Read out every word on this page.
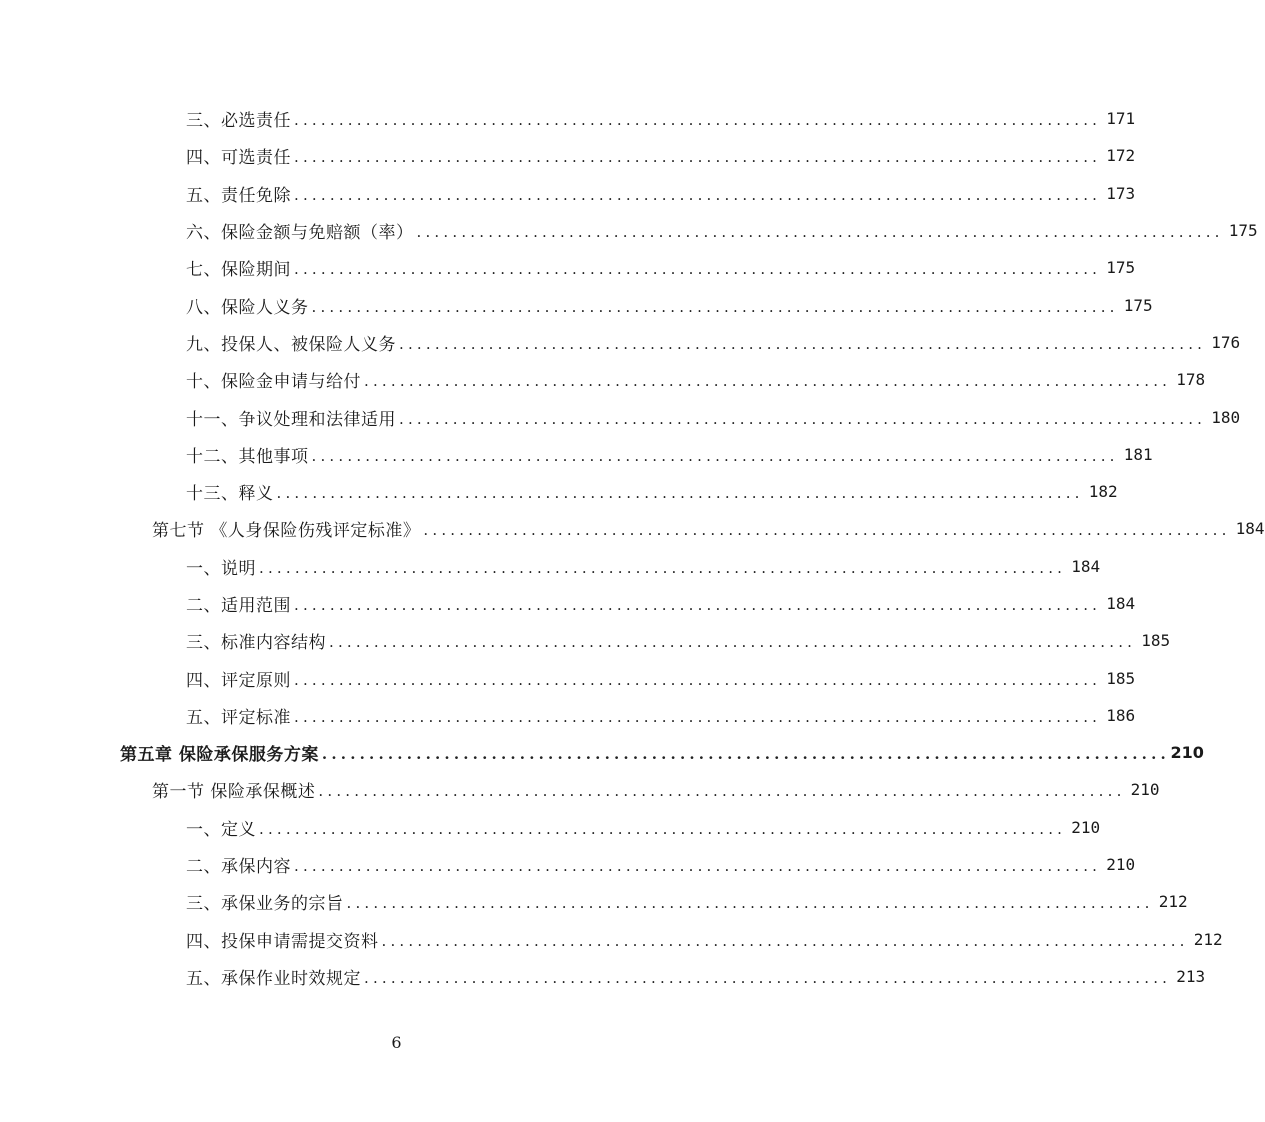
三、必选责任 .......................................................................................... 171
四、可选责任 .......................................................................................... 172
五、责任免除 .......................................................................................... 173
六、保险金额与免赔额（率） .......................................................................................... 175
七、保险期间 .......................................................................................... 175
八、保险人义务 .......................................................................................... 175
九、投保人、被保险人义务 .......................................................................................... 176
十、保险金申请与给付 .......................................................................................... 178
十一、争议处理和法律适用 .......................................................................................... 180
十二、其他事项 .......................................................................................... 181
十三、释义 .......................................................................................... 182
第七节 《人身保险伤残评定标准》 .......................................................................................... 184
一、说明 .......................................................................................... 184
二、适用范围 .......................................................................................... 184
三、标准内容结构 .......................................................................................... 185
四、评定原则 .......................................................................................... 185
五、评定标准 .......................................................................................... 186
第五章 保险承保服务方案 .......................................................................................... 210
第一节 保险承保概述 .......................................................................................... 210
一、定义 .......................................................................................... 210
二、承保内容 .......................................................................................... 210
三、承保业务的宗旨 .......................................................................................... 212
四、投保申请需提交资料 .......................................................................................... 212
五、承保作业时效规定 .......................................................................................... 213
6
